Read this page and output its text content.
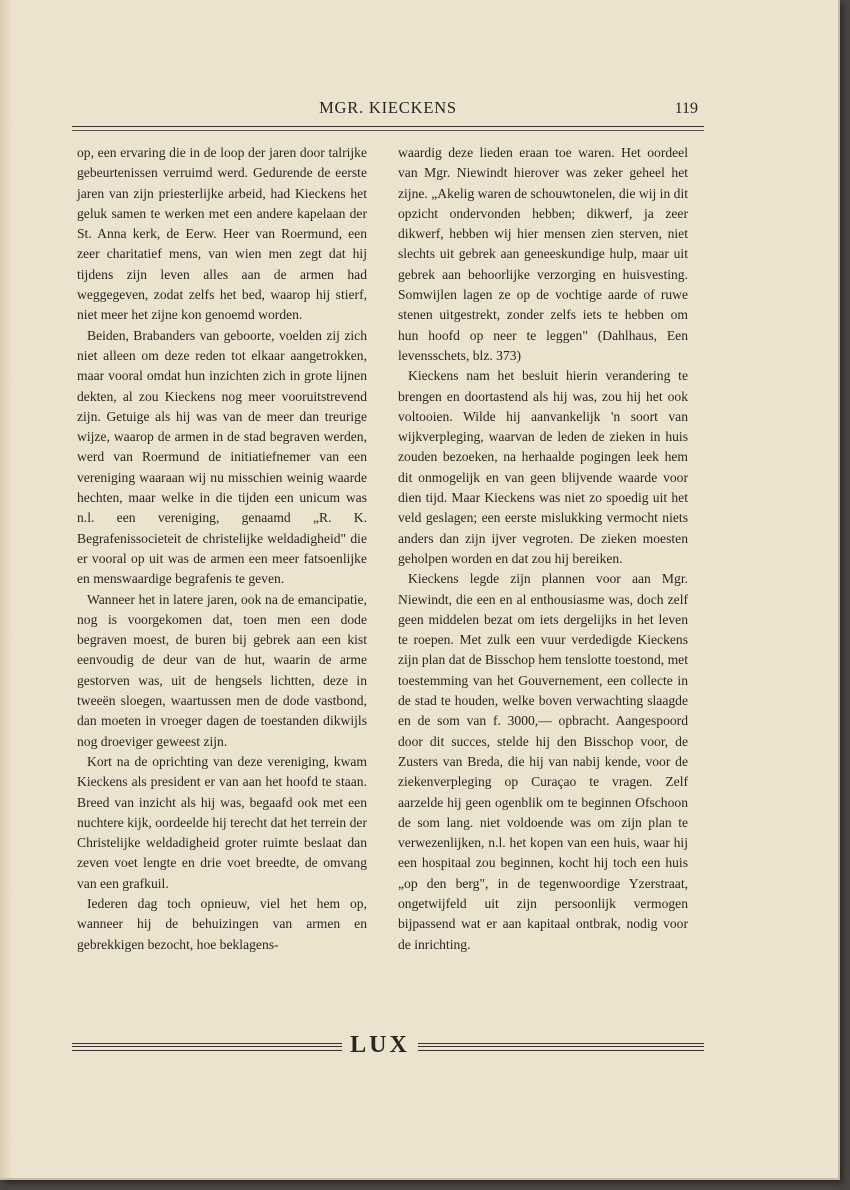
MGR. KIECKENS	119

op, een ervaring die in de loop der jaren door talrijke gebeurtenissen verruimd werd. Gedurende de eerste jaren van zijn priesterlijke arbeid, had Kieckens het geluk samen te werken met een andere kapelaan der St. Anna kerk, de Eerw. Heer van Roermund, een zeer charitatief mens, van wien men zegt dat hij tijdens zijn leven alles aan de armen had weggegeven, zodat zelfs het bed, waarop hij stierf, niet meer het zijne kon genoemd worden.

Beiden, Brabanders van geboorte, voelden zij zich niet alleen om deze reden tot elkaar aangetrokken, maar vooral omdat hun inzichten zich in grote lijnen dekten, al zou Kieckens nog meer vooruitstrevend zijn. Getuige als hij was van de meer dan treurige wijze, waarop de armen in de stad begraven werden, werd van Roermund de initiatiefnemer van een vereniging waaraan wij nu misschien weinig waarde hechten, maar welke in die tijden een unicum was n.l. een vereniging, genaamd „R. K. Begrafenissocieteit de christelijke weldadigheid" die er vooral op uit was de armen een meer fatsoenlijke en menswaardige begrafenis te geven.

Wanneer het in latere jaren, ook na de emancipatie, nog is voorgekomen dat, toen men een dode begraven moest, de buren bij gebrek aan een kist eenvoudig de deur van de hut, waarin de arme gestorven was, uit de hengsels lichtten, deze in tweeën sloegen, waartussen men de dode vastbond, dan moeten in vroeger dagen de toestanden dikwijls nog droeviger geweest zijn.

Kort na de oprichting van deze vereniging, kwam Kieckens als president er van aan het hoofd te staan. Breed van inzicht als hij was, begaafd ook met een nuchtere kijk, oordeelde hij terecht dat het terrein der Christelijke weldadigheid groter ruimte beslaat dan zeven voet lengte en drie voet breedte, de omvang van een grafkuil.

Iederen dag toch opnieuw, viel het hem op, wanneer hij de behuizingen van armen en gebrekkigen bezocht, hoe beklagens-

waardig deze lieden eraan toe waren. Het oordeel van Mgr. Niewindt hierover was zeker geheel het zijne. „Akelig waren de schouwtonelen, die wij in dit opzicht ondervonden hebben; dikwerf, ja zeer dikwerf, hebben wij hier mensen zien sterven, niet slechts uit gebrek aan geneeskundige hulp, maar uit gebrek aan behoorlijke verzorging en huisvesting. Somwijlen lagen ze op de vochtige aarde of ruwe stenen uitgestrekt, zonder zelfs iets te hebben om hun hoofd op neer te leggen" (Dahlhaus, Een levensschets, blz. 373)

Kieckens nam het besluit hierin verandering te brengen en doortastend als hij was, zou hij het ook voltooien. Wilde hij aanvankelijk 'n soort van wijkverpleging, waarvan de leden de zieken in huis zouden bezoeken, na herhaalde pogingen leek hem dit onmogelijk en van geen blijvende waarde voor dien tijd. Maar Kieckens was niet zo spoedig uit het veld geslagen; een eerste mislukking vermocht niets anders dan zijn ijver vegroten. De zieken moesten geholpen worden en dat zou hij bereiken.

Kieckens legde zijn plannen voor aan Mgr. Niewindt, die een en al enthousiasme was, doch zelf geen middelen bezat om iets dergelijks in het leven te roepen. Met zulk een vuur verdedigde Kieckens zijn plan dat de Bisschop hem tenslotte toestond, met toestemming van het Gouvernement, een collecte in de stad te houden, welke boven verwachting slaagde en de som van f. 3000,— opbracht. Aangespoord door dit succes, stelde hij den Bisschop voor, de Zusters van Breda, die hij van nabij kende, voor de ziekenverpleging op Curaçao te vragen. Zelf aarzelde hij geen ogenblik om te beginnen Ofschoon de som lang. niet voldoende was om zijn plan te verwezenlijken, n.l. het kopen van een huis, waar hij een hospitaal zou beginnen, kocht hij toch een huis „op den berg", in de tegenwoordige Yzerstraat, ongetwijfeld uit zijn persoonlijk vermogen bijpassend wat er aan kapitaal ontbrak, nodig voor de inrichting.

LUX
